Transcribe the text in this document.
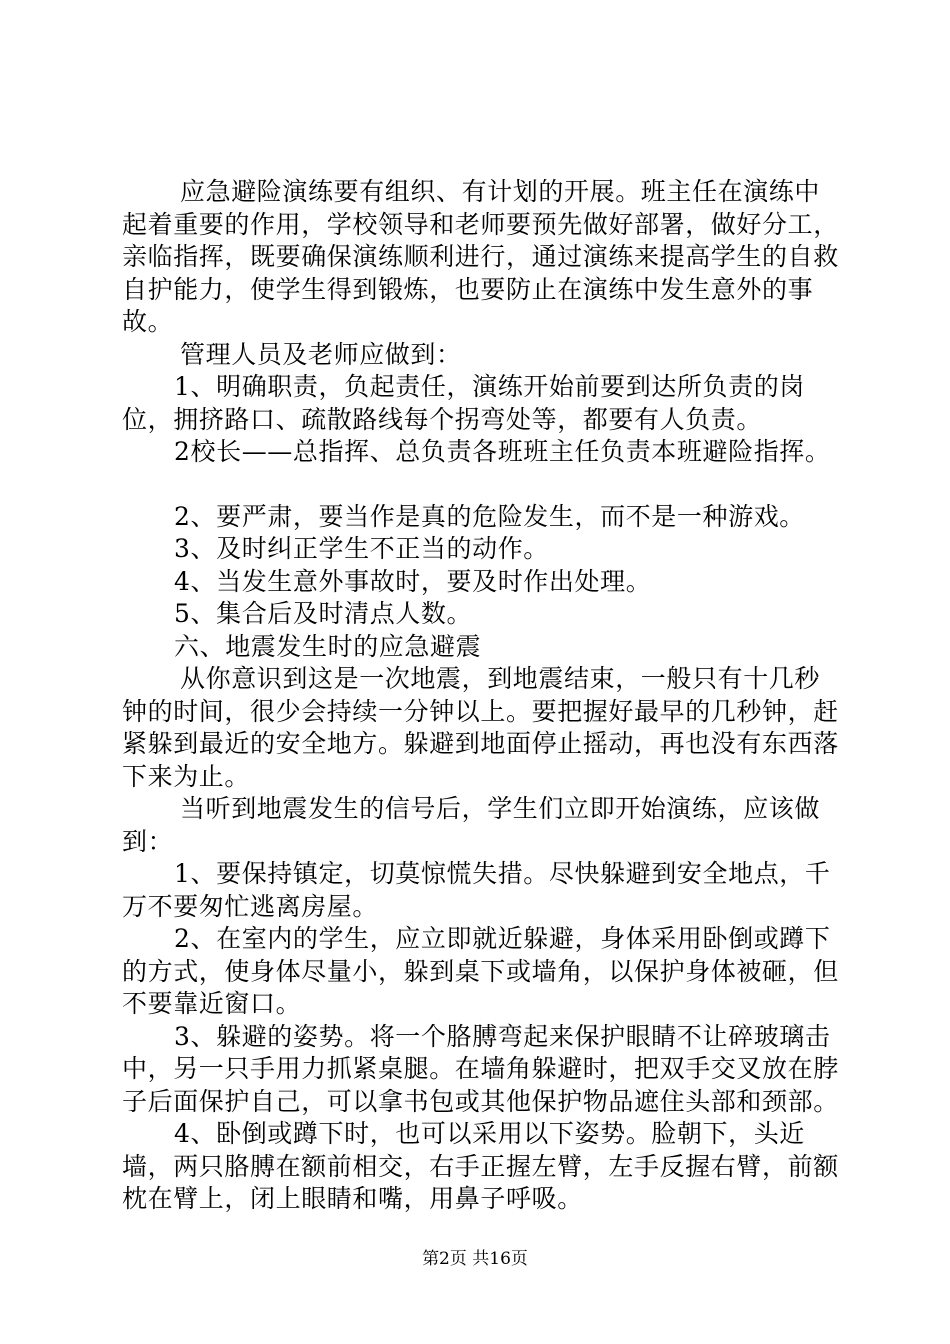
应急避险演练要有组织、有计划的开展。班主任在演练中起着重要的作用，学校领导和老师要预先做好部署，做好分工，亲临指挥，既要确保演练顺利进行，通过演练来提高学生的自救自护能力，使学生得到锻炼，也要防止在演练中发生意外的事故。

管理人员及老师应做到：

1、明确职责，负起责任，演练开始前要到达所负责的岗位，拥挤路口、疏散路线每个拐弯处等，都要有人负责。

2校长——总指挥、总负责各班班主任负责本班避险指挥。

2、要严肃，要当作是真的危险发生，而不是一种游戏。

3、及时纠正学生不正当的动作。

4、当发生意外事故时，要及时作出处理。

5、集合后及时清点人数。

六、地震发生时的应急避震

从你意识到这是一次地震，到地震结束，一般只有十几秒钟的时间，很少会持续一分钟以上。要把握好最早的几秒钟，赶紧躲到最近的安全地方。躲避到地面停止摇动，再也没有东西落下来为止。

当听到地震发生的信号后，学生们立即开始演练，应该做到：

1、要保持镇定，切莫惊慌失措。尽快躲避到安全地点，千万不要匆忙逃离房屋。

2、在室内的学生，应立即就近躲避，身体采用卧倒或蹲下的方式，使身体尽量小，躲到桌下或墙角，以保护身体被砸，但不要靠近窗口。

3、躲避的姿势。将一个胳膊弯起来保护眼睛不让碎玻璃击中，另一只手用力抓紧桌腿。在墙角躲避时，把双手交叉放在脖子后面保护自己，可以拿书包或其他保护物品遮住头部和颈部。

4、卧倒或蹲下时，也可以采用以下姿势。脸朝下，头近墙，两只胳膊在额前相交，右手正握左臂，左手反握右臂，前额枕在臂上，闭上眼睛和嘴，用鼻子呼吸。

第2页 共16页
